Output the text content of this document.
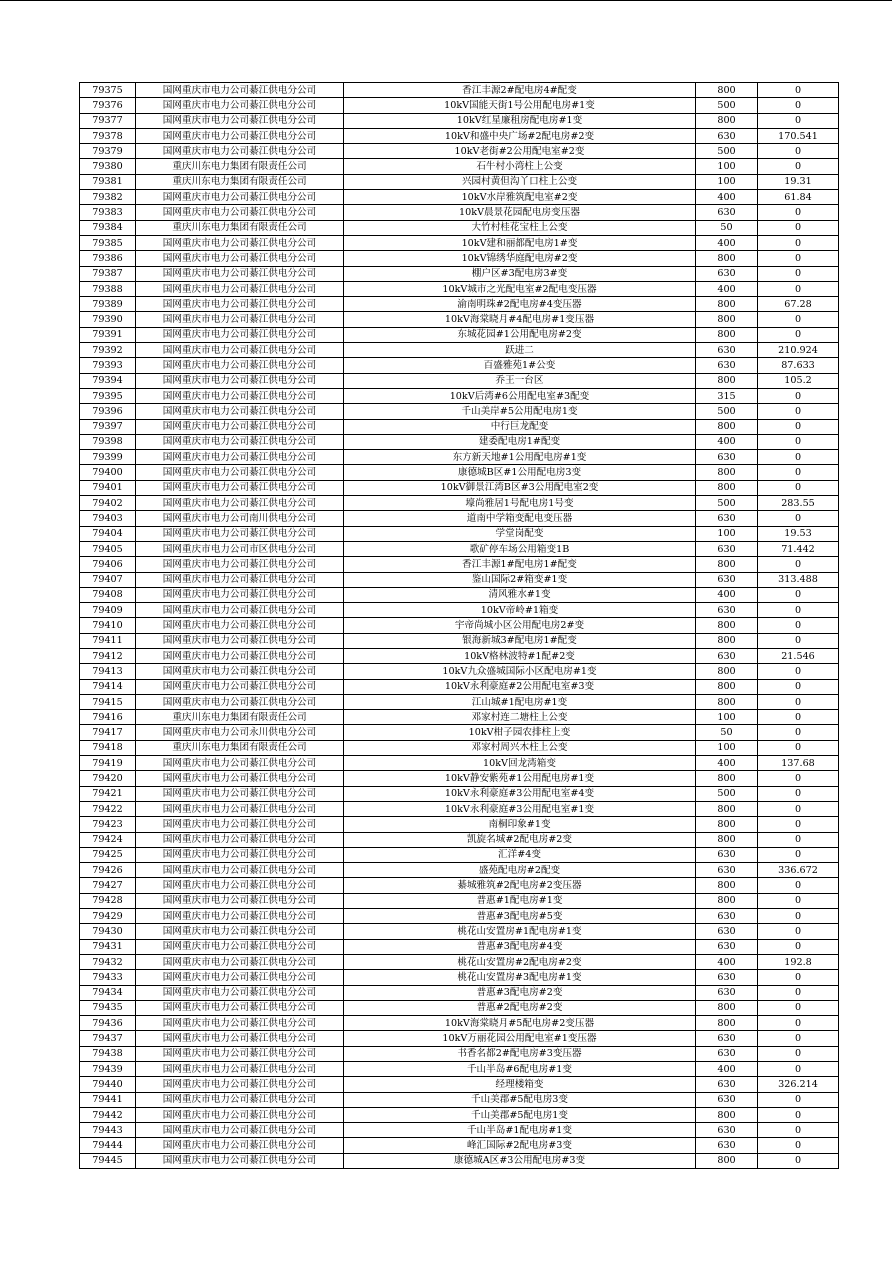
79375	国网重庆市电力公司綦江供电分公司	香江丰源2#配电房4#配变	800	0
79376	国网重庆市电力公司綦江供电分公司	10kV国能天街1号公用配电房#1变	500	0
79377	国网重庆市电力公司綦江供电分公司	10kV红星廉租房配电房#1变	800	0
79378	国网重庆市电力公司綦江供电分公司	10kV和盛中央广场#2配电房#2变	630	170.541
79379	国网重庆市电力公司綦江供电分公司	10kV老街#2公用配电室#2变	500	0
79380	重庆川东电力集团有限责任公司	石牛村小湾柱上公变	100	0
79381	重庆川东电力集团有限责任公司	兴园村黄但沟丫口柱上公变	100	19.31
79382	国网重庆市电力公司綦江供电分公司	10kV水岸雅筑配电室#2变	400	61.84
79383	国网重庆市电力公司綦江供电分公司	10kV晨景花园配电房变压器	630	0
79384	重庆川东电力集团有限责任公司	大竹村桂花宝柱上公变	50	0
79385	国网重庆市电力公司綦江供电分公司	10kV建和丽都配电房1#变	400	0
79386	国网重庆市电力公司綦江供电分公司	10kV锦绣华庭配电房#2变	800	0
79387	国网重庆市电力公司綦江供电分公司	棚户区#3配电房3#变	630	0
79388	国网重庆市电力公司綦江供电分公司	10kV城市之光配电室#2配电变压器	400	0
79389	国网重庆市电力公司綦江供电分公司	渝南明珠#2配电房#4变压器	800	67.28
79390	国网重庆市电力公司綦江供电分公司	10kV海棠晓月#4配电房#1变压器	800	0
79391	国网重庆市电力公司綦江供电分公司	东城花园#1公用配电房#2变	800	0
79392	国网重庆市电力公司綦江供电分公司	跃进二	630	210.924
79393	国网重庆市电力公司綦江供电分公司	百盛雅苑1#公变	630	87.633
79394	国网重庆市电力公司綦江供电分公司	乔王一台区	800	105.2
79395	国网重庆市电力公司綦江供电分公司	10kV后湾#6公用配电室#3配变	315	0
79396	国网重庆市电力公司綦江供电分公司	千山美岸#5公用配电房1变	500	0
79397	国网重庆市电力公司綦江供电分公司	中行巨龙配变	800	0
79398	国网重庆市电力公司綦江供电分公司	建委配电房1#配变	400	0
79399	国网重庆市电力公司綦江供电分公司	东方新天地#1公用配电房#1变	630	0
79400	国网重庆市电力公司綦江供电分公司	康德城B区#1公用配电房3变	800	0
79401	国网重庆市电力公司綦江供电分公司	10kV御景江湾B区#3公用配电室2变	800	0
79402	国网重庆市电力公司綦江供电分公司	壕尚雅居1号配电房1号变	500	283.55
79403	国网重庆市电力公司南川供电分公司	道南中学箱变配电变压器	630	0
79404	国网重庆市电力公司綦江供电分公司	学堂岗配变	100	19.53
79405	国网重庆市电力公司市区供电分公司	歌矿停车场公用箱变1B	630	71.442
79406	国网重庆市电力公司綦江供电分公司	香江丰源1#配电房1#配变	800	0
79407	国网重庆市电力公司綦江供电分公司	鉴山国际2#箱变#1变	630	313.488
79408	国网重庆市电力公司綦江供电分公司	清风雅水#1变	400	0
79409	国网重庆市电力公司綦江供电分公司	10kV帝岭#1箱变	630	0
79410	国网重庆市电力公司綦江供电分公司	宇帝尚城小区公用配电房2#变	800	0
79411	国网重庆市电力公司綦江供电分公司	银海新城3#配电房1#配变	800	0
79412	国网重庆市电力公司綦江供电分公司	10kV格林波特#1配#2变	630	21.546
79413	国网重庆市电力公司綦江供电分公司	10kV九众盛城国际小区配电房#1变	800	0
79414	国网重庆市电力公司綦江供电分公司	10kV永利豪庭#2公用配电室#3变	800	0
79415	国网重庆市电力公司綦江供电分公司	江山城#1配电房#1变	800	0
79416	重庆川东电力集团有限责任公司	邓家村连二塘柱上公变	100	0
79417	国网重庆市电力公司永川供电分公司	10kV柑子园农排柱上变	50	0
79418	重庆川东电力集团有限责任公司	邓家村周兴木柱上公变	100	0
79419	国网重庆市电力公司綦江供电分公司	10kV回龙湾箱变	400	137.68
79420	国网重庆市电力公司綦江供电分公司	10kV静安紫苑#1公用配电房#1变	800	0
79421	国网重庆市电力公司綦江供电分公司	10kV永利豪庭#3公用配电室#4变	500	0
79422	国网重庆市电力公司綦江供电分公司	10kV永利豪庭#3公用配电室#1变	800	0
79423	国网重庆市电力公司綦江供电分公司	南桐印象#1变	800	0
79424	国网重庆市电力公司綦江供电分公司	凯旋名城#2配电房#2变	800	0
79425	国网重庆市电力公司綦江供电分公司	汇洋#4变	630	0
79426	国网重庆市电力公司綦江供电分公司	盛苑配电房#2配变	630	336.672
79427	国网重庆市电力公司綦江供电分公司	綦城雅筑#2配电房#2变压器	800	0
79428	国网重庆市电力公司綦江供电分公司	普惠#1配电房#1变	800	0
79429	国网重庆市电力公司綦江供电分公司	普惠#3配电房#5变	630	0
79430	国网重庆市电力公司綦江供电分公司	桃花山安置房#1配电房#1变	630	0
79431	国网重庆市电力公司綦江供电分公司	普惠#3配电房#4变	630	0
79432	国网重庆市电力公司綦江供电分公司	桃花山安置房#2配电房#2变	400	192.8
79433	国网重庆市电力公司綦江供电分公司	桃花山安置房#3配电房#1变	630	0
79434	国网重庆市电力公司綦江供电分公司	普惠#3配电房#2变	630	0
79435	国网重庆市电力公司綦江供电分公司	普惠#2配电房#2变	800	0
79436	国网重庆市电力公司綦江供电分公司	10kV海棠晓月#5配电房#2变压器	800	0
79437	国网重庆市电力公司綦江供电分公司	10kV万丽花园公用配电室#1变压器	630	0
79438	国网重庆市电力公司綦江供电分公司	书香名都2#配电房#3变压器	630	0
79439	国网重庆市电力公司綦江供电分公司	千山半岛#6配电房#1变	400	0
79440	国网重庆市电力公司綦江供电分公司	经理楼箱变	630	326.214
79441	国网重庆市电力公司綦江供电分公司	千山美郡#5配电房3变	630	0
79442	国网重庆市电力公司綦江供电分公司	千山美郡#5配电房1变	800	0
79443	国网重庆市电力公司綦江供电分公司	千山半岛#1配电房#1变	630	0
79444	国网重庆市电力公司綦江供电分公司	峰汇国际#2配电房#3变	630	0
79445	国网重庆市电力公司綦江供电分公司	康德城A区#3公用配电房#3变	800	0
